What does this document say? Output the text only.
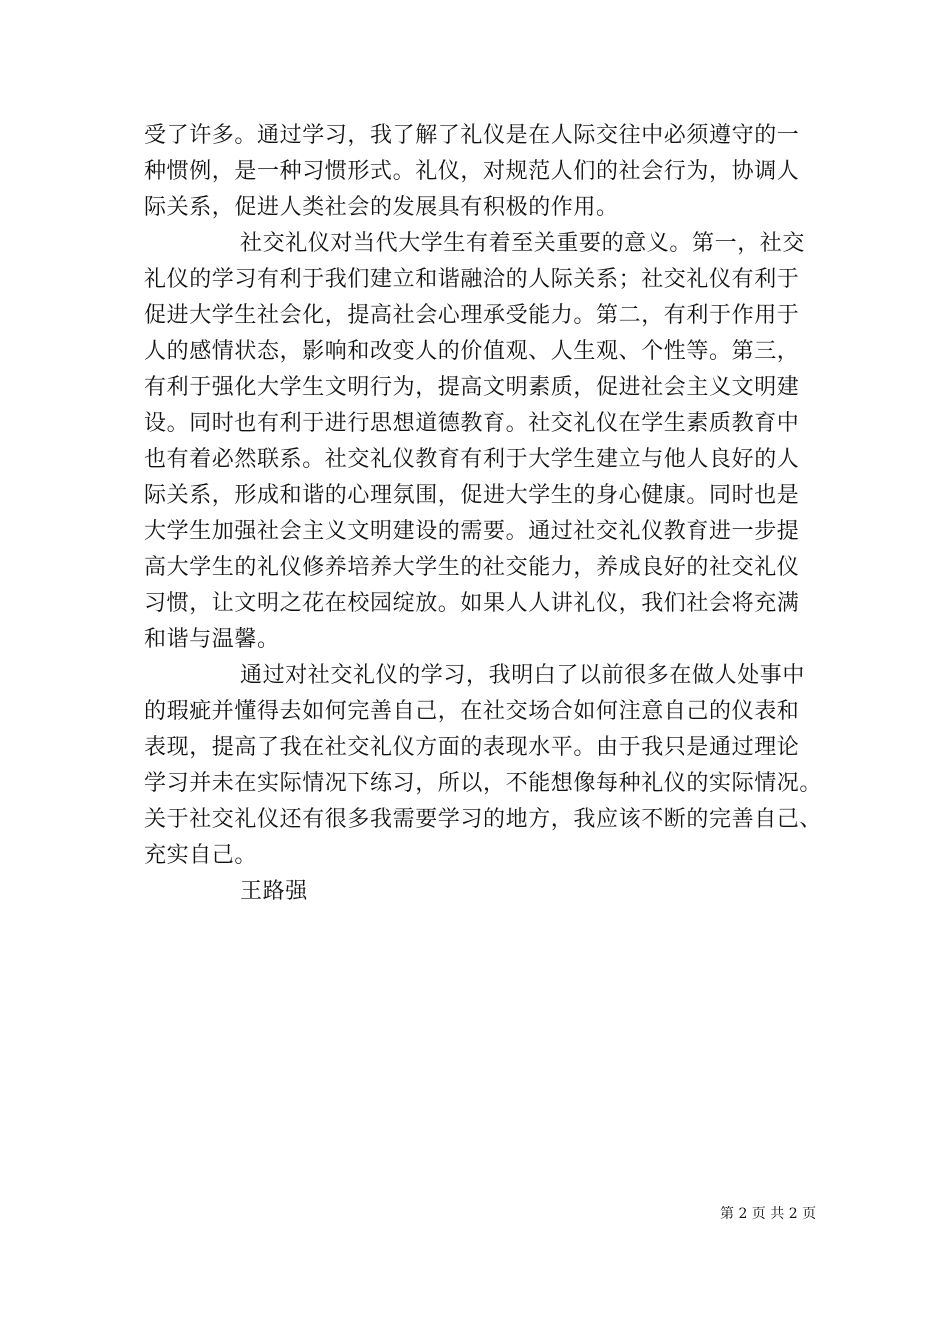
受了许多。通过学习，我了解了礼仪是在人际交往中必须遵守的一
种惯例，是一种习惯形式。礼仪，对规范人们的社会行为，协调人
际关系，促进人类社会的发展具有积极的作用。
社交礼仪对当代大学生有着至关重要的意义。第一，社交
礼仪的学习有利于我们建立和谐融洽的人际关系；社交礼仪有利于
促进大学生社会化，提高社会心理承受能力。第二，有利于作用于
人的感情状态，影响和改变人的价值观、人生观、个性等。第三，
有利于强化大学生文明行为，提高文明素质，促进社会主义文明建
设。同时也有利于进行思想道德教育。社交礼仪在学生素质教育中
也有着必然联系。社交礼仪教育有利于大学生建立与他人良好的人
际关系，形成和谐的心理氛围，促进大学生的身心健康。同时也是
大学生加强社会主义文明建设的需要。通过社交礼仪教育进一步提
高大学生的礼仪修养培养大学生的社交能力，养成良好的社交礼仪
习惯，让文明之花在校园绽放。如果人人讲礼仪，我们社会将充满
和谐与温馨。
通过对社交礼仪的学习，我明白了以前很多在做人处事中
的瑕疵并懂得去如何完善自己，在社交场合如何注意自己的仪表和
表现，提高了我在社交礼仪方面的表现水平。由于我只是通过理论
学习并未在实际情况下练习，所以，不能想像每种礼仪的实际情况。
关于社交礼仪还有很多我需要学习的地方，我应该不断的完善自己、
充实自己。
王路强
第 2 页 共 2 页
